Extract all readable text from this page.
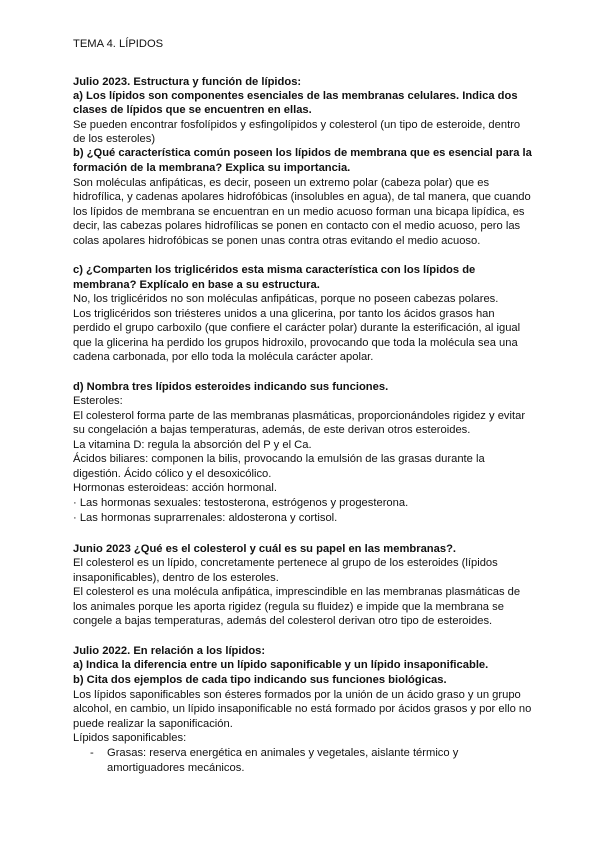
TEMA 4. LÍPIDOS
Julio 2023. Estructura y función de lípidos:
a) Los lípidos son componentes esenciales de las membranas celulares. Indica dos
clases de lípidos que se encuentren en ellas.
Se pueden encontrar fosfolípidos y esfingolípidos y colesterol (un tipo de esteroide, dentro
de los esteroles)
b) ¿Qué característica común poseen los lípidos de membrana que es esencial para la
formación de la membrana? Explica su importancia.
Son moléculas anfipáticas, es decir, poseen un extremo polar (cabeza polar) que es
hidrofílica, y cadenas apolares hidrofóbicas (insolubles en agua), de tal manera, que cuando
los lípidos de membrana se encuentran en un medio acuoso forman una bicapa lipídica, es
decir, las cabezas polares hidrofílicas se ponen en contacto con el medio acuoso, pero las
colas apolares hidrofóbicas se ponen unas contra otras evitando el medio acuoso.
c) ¿Comparten los triglicéridos esta misma característica con los lípidos de
membrana? Explícalo en base a su estructura.
No, los triglicéridos no son moléculas anfipáticas, porque no poseen cabezas polares.
Los triglicéridos son triésteres unidos a una glicerina, por tanto los ácidos grasos han
perdido el grupo carboxilo (que confiere el carácter polar) durante la esterificación, al igual
que la glicerina ha perdido los grupos hidroxilo, provocando que toda la molécula sea una
cadena carbonada, por ello toda la molécula carácter apolar.
d) Nombra tres lípidos esteroides indicando sus funciones.
Esteroles:
El colesterol forma parte de las membranas plasmáticas, proporcionándoles rigidez y evitar
su congelación a bajas temperaturas, además, de este derivan otros esteroides.
La vitamina D: regula la absorción del P y el Ca.
Ácidos biliares: componen la bilis, provocando la emulsión de las grasas durante la
digestión. Ácido cólico y el desoxicólico.
Hormonas esteroideas: acción hormonal.
· Las hormonas sexuales: testosterona, estrógenos y progesterona.
· Las hormonas suprarrenales: aldosterona y cortisol.
Junio 2023 ¿Qué es el colesterol y cuál es su papel en las membranas?.
El colesterol es un lípido, concretamente pertenece al grupo de los esteroides (lípidos
insaponificables), dentro de los esteroles.
El colesterol es una molécula anfipática, imprescindible en las membranas plasmáticas de
los animales porque les aporta rigidez (regula su fluidez) e impide que la membrana se
congele a bajas temperaturas, además del colesterol derivan otro tipo de esteroides.
Julio 2022. En relación a los lípidos:
a) Indica la diferencia entre un lípido saponificable y un lípido insaponificable.
b) Cita dos ejemplos de cada tipo indicando sus funciones biológicas.
Los lípidos saponificables son ésteres formados por la unión de un ácido graso y un grupo
alcohol, en cambio, un lípido insaponificable no está formado por ácidos grasos y por ello no
puede realizar la saponificación.
Lípidos saponificables:
- Grasas: reserva energética en animales y vegetales, aislante térmico y
amortiguadores mecánicos.
